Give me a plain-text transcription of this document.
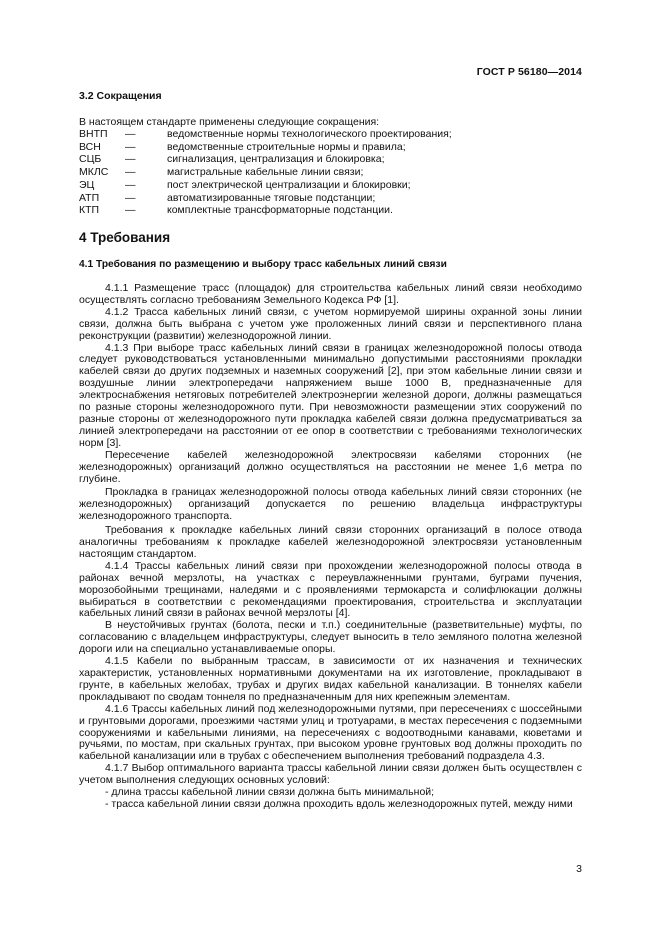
ГОСТ Р 56180—2014
3.2 Сокращения
В настоящем стандарте применены следующие сокращения:
ВНТП	—	ведомственные нормы технологического проектирования;
ВСН	—	ведомственные строительные нормы и правила;
СЦБ	—	сигнализация, централизация и блокировка;
МКЛС	—	магистральные кабельные линии связи;
ЭЦ	—	пост электрической централизации и блокировки;
АТП	—	автоматизированные тяговые подстанции;
КТП	—	комплектные трансформаторные подстанции.
4 Требования
4.1 Требования по размещению и выбору трасс кабельных линий связи

4.1.1 Размещение трасс (площадок) для строительства кабельных линий связи необходимо осуществлять согласно требованиям Земельного Кодекса РФ [1].

4.1.2 Трасса кабельных линий связи, с учетом нормируемой ширины охранной зоны линии связи, должна быть выбрана с учетом уже проложенных линий связи и перспективного плана реконструкции (развитии) железнодорожной линии.

4.1.3 При выборе трасс кабельных линий связи в границах железнодорожной полосы отвода следует руководствоваться установленными минимально допустимыми расстояниями прокладки кабелей связи до других подземных и наземных сооружений [2], при этом кабельные линии связи и воздушные линии электропередачи напряжением выше 1000 В, предназначенные для электроснабжения нетяговых потребителей электроэнергии железной дороги, должны размещаться по разные стороны железнодорожного пути. При невозможности размещении этих сооружений по разные стороны от железнодорожного пути прокладка кабелей связи должна предусматриваться за линией электропередачи на расстоянии от ее опор в соответствии с требованиями технологических норм [3].

Пересечение кабелей железнодорожной электросвязи кабелями сторонних (не железнодорожных) организаций должно осуществляться на расстоянии не менее 1,6 метра по глубине.

Прокладка в границах железнодорожной полосы отвода кабельных линий связи сторонних (не железнодорожных) организаций допускается по решению владельца инфраструктуры железнодорожного транспорта.

Требования к прокладке кабельных линий связи сторонних организаций в полосе отвода аналогичны требованиям к прокладке кабелей железнодорожной электросвязи установленным настоящим стандартом.

4.1.4 Трассы кабельных линий связи при прохождении железнодорожной полосы отвода в районах вечной мерзлоты, на участках с переувлажненными грунтами, буграми пучения, морозобойными трещинами, наледями и с проявлениями термокарста и солифлюкации должны выбираться в соответствии с рекомендациями проектирования, строительства и эксплуатации кабельных линий связи в районах вечной мерзлоты [4].

В неустойчивых грунтах (болота, пески и т.п.) соединительные (разветвительные) муфты, по согласованию с владельцем инфраструктуры, следует выносить в тело земляного полотна железной дороги или на специально устанавливаемые опоры.

4.1.5 Кабели по выбранным трассам, в зависимости от их назначения и технических характеристик, установленных нормативными документами на их изготовление, прокладывают в грунте, в кабельных желобах, трубах и других видах кабельной канализации. В тоннелях кабели прокладывают по сводам тоннеля по предназначенным для них крепежным элементам.

4.1.6 Трассы кабельных линий под железнодорожными путями, при пересечениях с шоссейными и грунтовыми дорогами, проезжими частями улиц и тротуарами, в местах пересечения с подземными сооружениями и кабельными линиями, на пересечениях с водоотводными канавами, кюветами и ручьями, по мостам, при скальных грунтах, при высоком уровне грунтовых вод должны проходить по кабельной канализации или в трубах с обеспечением выполнения требований подраздела 4.3.

4.1.7 Выбор оптимального варианта трассы кабельной линии связи должен быть осуществлен с учетом выполнения следующих основных условий:

- длина трассы кабельной линии связи должна быть минимальной;

- трасса кабельной линии связи должна проходить вдоль железнодорожных путей, между ними

3
